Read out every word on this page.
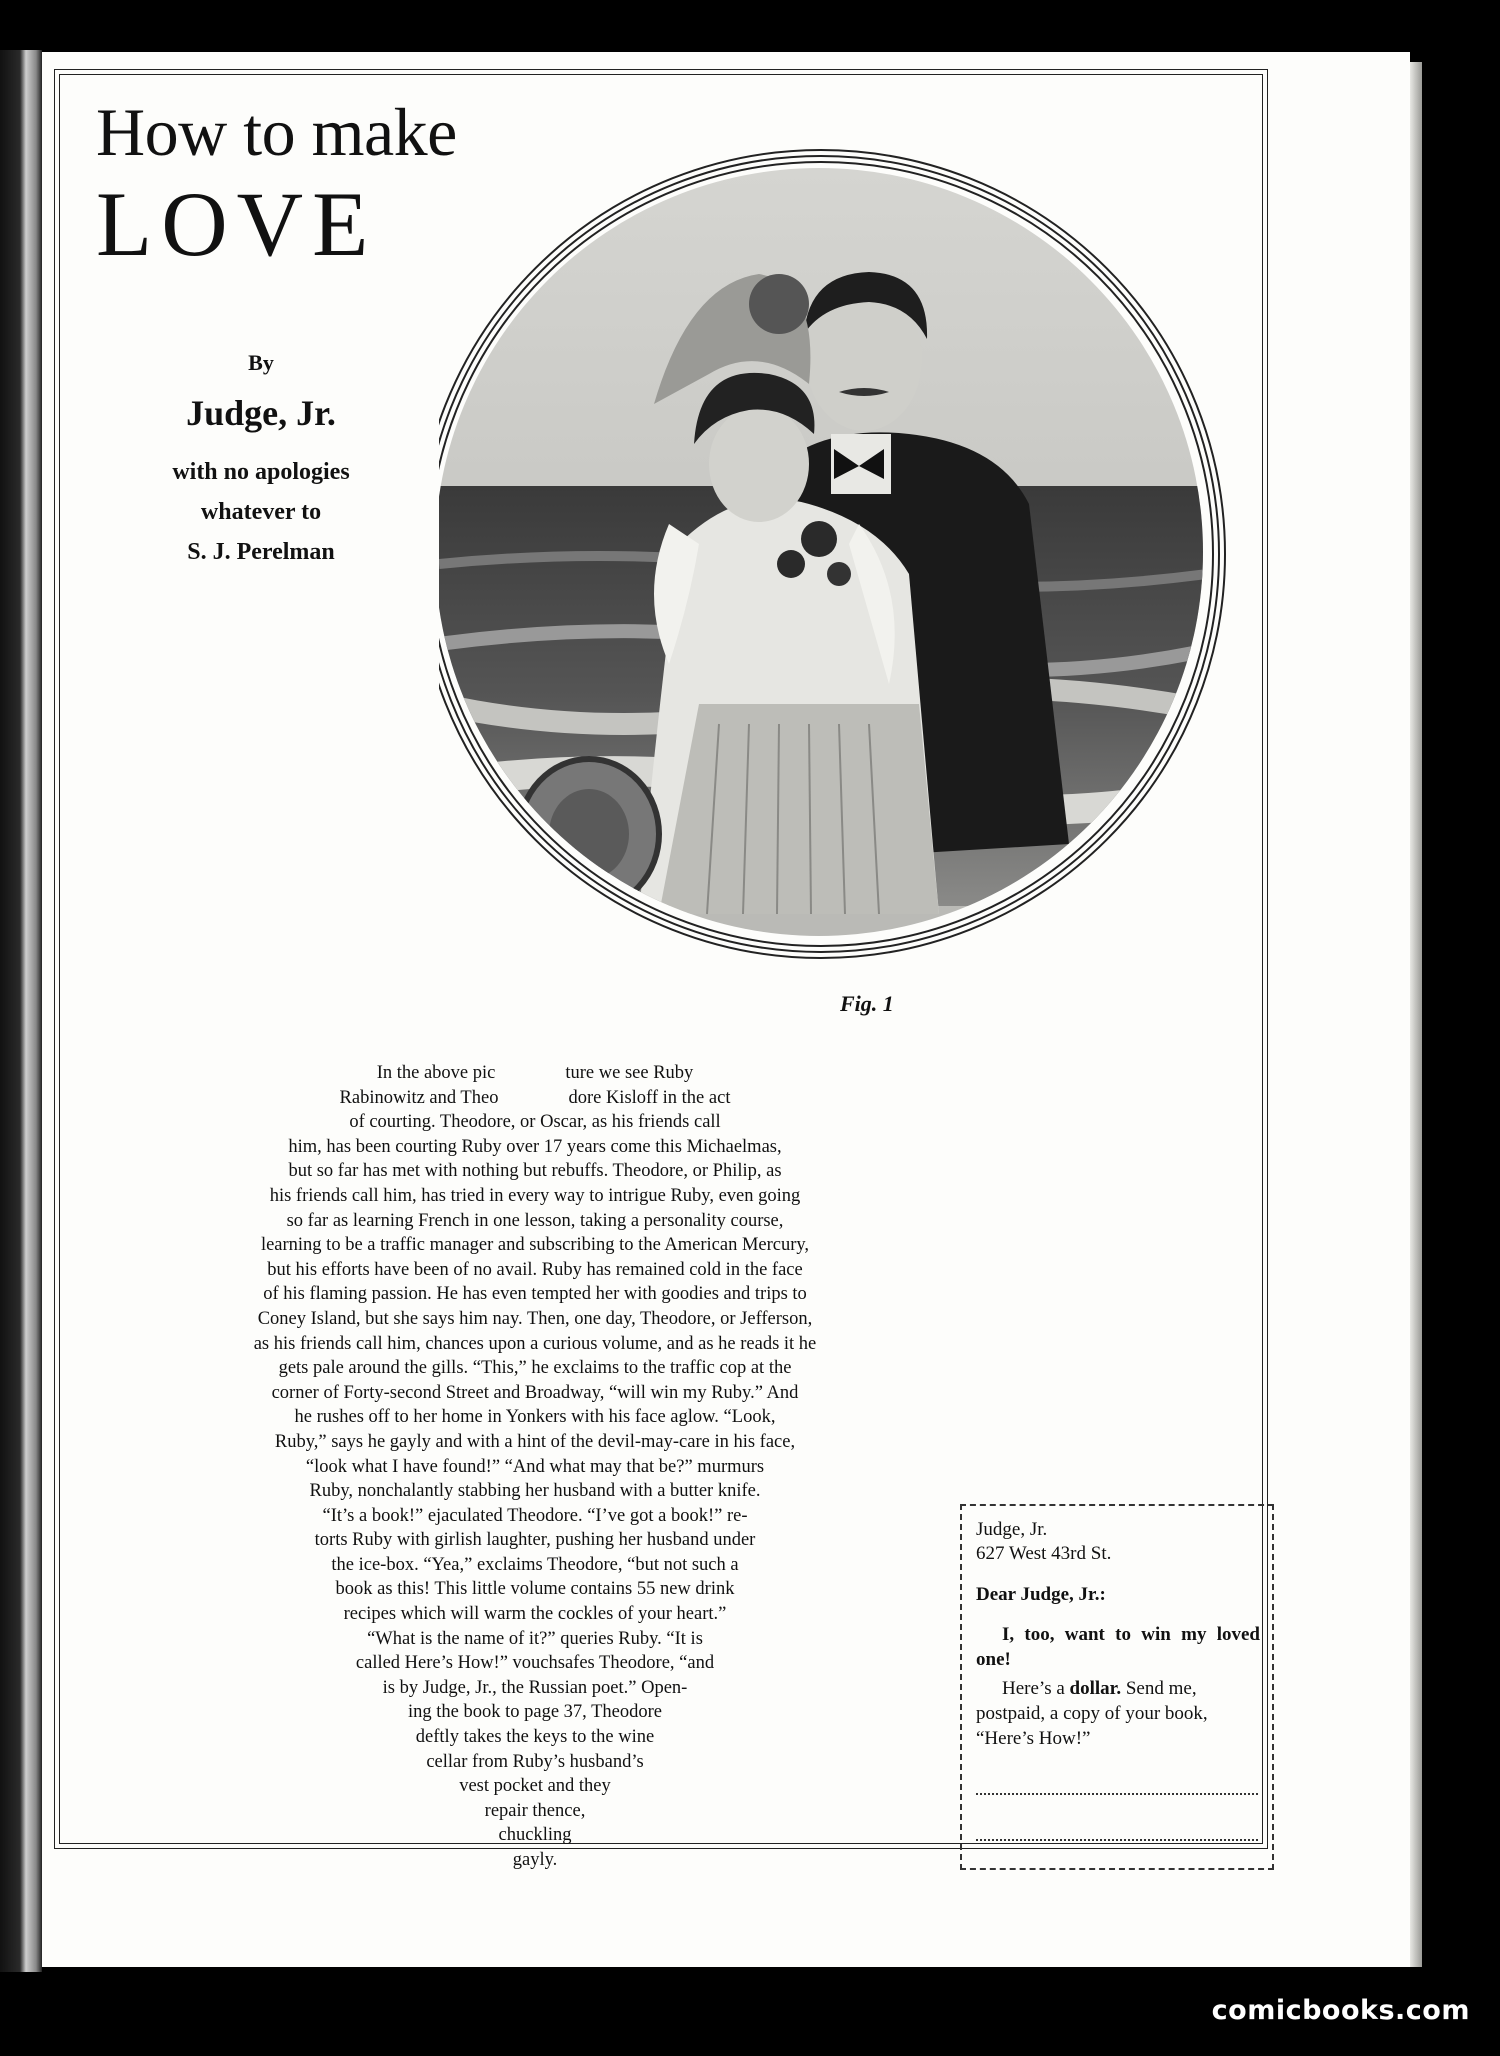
How to make
LOVE
By
Judge, Jr.
with no apologies
whatever to
S. J. Perelman
Fig. 1
In the above pic	ture we see Ruby
Rabinowitz and Theo	dore Kisloff in the act
of courting. Theodore, or Oscar, as his friends call
him, has been courting Ruby over 17 years come this Michaelmas,
but so far has met with nothing but rebuffs. Theodore, or Philip, as
his friends call him, has tried in every way to intrigue Ruby, even going
so far as learning French in one lesson, taking a personality course,
learning to be a traffic manager and subscribing to the American Mercury,
but his efforts have been of no avail. Ruby has remained cold in the face
of his flaming passion. He has even tempted her with goodies and trips to
Coney Island, but she says him nay. Then, one day, Theodore, or Jefferson,
as his friends call him, chances upon a curious volume, and as he reads it he
gets pale around the gills. “This,” he exclaims to the traffic cop at the
corner of Forty-second Street and Broadway, “will win my Ruby.” And
he rushes off to her home in Yonkers with his face aglow. “Look,
Ruby,” says he gayly and with a hint of the devil-may-care in his face,
“look what I have found!” “And what may that be?” murmurs
Ruby, nonchalantly stabbing her husband with a butter knife.
“It’s a book!” ejaculated Theodore. “I’ve got a book!” re-
torts Ruby with girlish laughter, pushing her husband under
the ice-box. “Yea,” exclaims Theodore, “but not such a
book as this! This little volume contains 55 new drink
recipes which will warm the cockles of your heart.”
“What is the name of it?” queries Ruby. “It is
called Here’s How!” vouchsafes Theodore, “and
is by Judge, Jr., the Russian poet.” Open-
ing the book to page 37, Theodore
deftly takes the keys to the wine
cellar from Ruby’s husband’s
vest pocket and they
repair thence,
chuckling
gayly.
Judge, Jr.
627 West 43rd St.
Dear Judge, Jr.:
I, too, want to win my loved one!
Here’s a dollar. Send me, postpaid, a copy of your book, “Here’s How!”
comicbooks.com
